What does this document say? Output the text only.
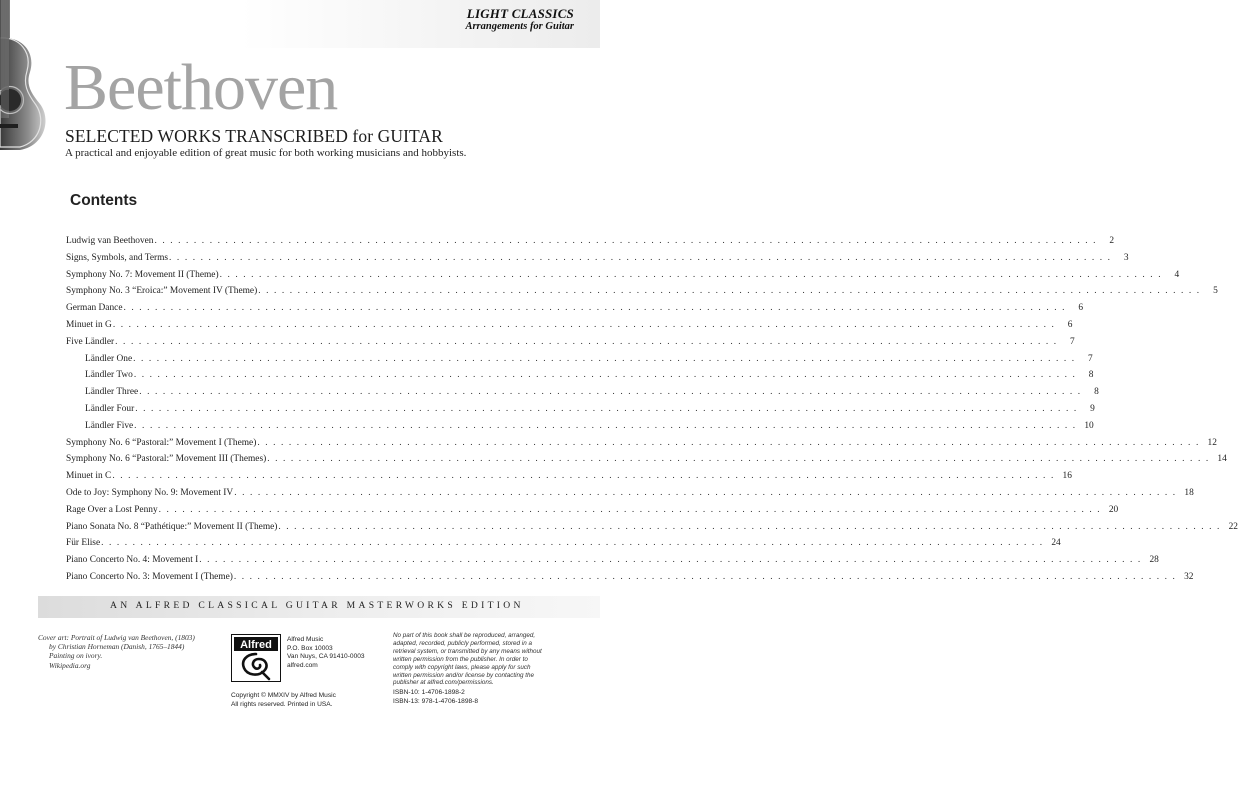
LIGHT CLASSICS
Arrangements for Guitar
Beethoven
SELECTED WORKS TRANSCRIBED for GUITAR
A practical and enjoyable edition of great music for both working musicians and hobbyists.
Contents
Ludwig van Beethoven . . . . . . . . . . . . . . . . . . . . . . . . . . . . . . . . . . . . . . . . . . . . . . . . . . . . . . . . . . . . . . . . . . . . . . . . . . . . . . . . . . . . . . . . . . . . . . . . . . . . . . . . . . . . . . . . . . . . . . . .	2
Signs, Symbols, and Terms . . . . . . . . . . . . . . . . . . . . . . . . . . . . . . . . . . . . . . . . . . . . . . . . . . . . . . . . . . . . . . . . . . . . . . . . . . . . . . . . . . . . . . . . . . . . . . . . . . . . . . . . . . . . . . . . . . . . . . . .	3
Symphony No. 7: Movement II (Theme) . . . . . . . . . . . . . . . . . . . . . . . . . . . . . . . . . . . . . . . . . . . . . . . . . . . . . . . . . . . . . . . . . . . . . . . . . . . . . . . . . . . . . . . . . . . . . . . . . . . . . . . . . . . . . . . . . . . . . . . .	4
Symphony No. 3 “Eroica:” Movement IV (Theme) . . . . . . . . . . . . . . . . . . . . . . . . . . . . . . . . . . . . . . . . . . . . . . . . . . . . . . . . . . . . . . . . . . . . . . . . . . . . . . . . . . . . . . . . . . . . . . . . . . . . . . . . . . . . . . . . . . . . . . . .	5
German Dance . . . . . . . . . . . . . . . . . . . . . . . . . . . . . . . . . . . . . . . . . . . . . . . . . . . . . . . . . . . . . . . . . . . . . . . . . . . . . . . . . . . . . . . . . . . . . . . . . . . . . . . . . . . . . . . . . . . . . . . .	6
Minuet in G . . . . . . . . . . . . . . . . . . . . . . . . . . . . . . . . . . . . . . . . . . . . . . . . . . . . . . . . . . . . . . . . . . . . . . . . . . . . . . . . . . . . . . . . . . . . . . . . . . . . . . . . . . . . . . . . . . . . . . . .	6
Five Ländler . . . . . . . . . . . . . . . . . . . . . . . . . . . . . . . . . . . . . . . . . . . . . . . . . . . . . . . . . . . . . . . . . . . . . . . . . . . . . . . . . . . . . . . . . . . . . . . . . . . . . . . . . . . . . . . . . . . . . . . .	7
Ländler One . . . . . . . . . . . . . . . . . . . . . . . . . . . . . . . . . . . . . . . . . . . . . . . . . . . . . . . . . . . . . . . . . . . . . . . . . . . . . . . . . . . . . . . . . . . . . . . . . . . . . . . . . . . . . . . . . . . . . . . .	7
Ländler Two . . . . . . . . . . . . . . . . . . . . . . . . . . . . . . . . . . . . . . . . . . . . . . . . . . . . . . . . . . . . . . . . . . . . . . . . . . . . . . . . . . . . . . . . . . . . . . . . . . . . . . . . . . . . . . . . . . . . . . . .	8
Ländler Three . . . . . . . . . . . . . . . . . . . . . . . . . . . . . . . . . . . . . . . . . . . . . . . . . . . . . . . . . . . . . . . . . . . . . . . . . . . . . . . . . . . . . . . . . . . . . . . . . . . . . . . . . . . . . . . . . . . . . . . .	8
Ländler Four . . . . . . . . . . . . . . . . . . . . . . . . . . . . . . . . . . . . . . . . . . . . . . . . . . . . . . . . . . . . . . . . . . . . . . . . . . . . . . . . . . . . . . . . . . . . . . . . . . . . . . . . . . . . . . . . . . . . . . . .	9
Ländler Five . . . . . . . . . . . . . . . . . . . . . . . . . . . . . . . . . . . . . . . . . . . . . . . . . . . . . . . . . . . . . . . . . . . . . . . . . . . . . . . . . . . . . . . . . . . . . . . . . . . . . . . . . . . . . . . . . . . . . . . . 10
Symphony No. 6 “Pastoral:” Movement I (Theme) . . . . . . . . . . . . . . . . . . . . . . . . . . . . . . . . . . . . . . . . . . . . . . . . . . . . . . . . . . . . . . . . . . . . . . . . . . . . . . . . . . . . . . . . . . . . . . . . . . . . . . . . . . . . . . . . . . . . . . . . 12
Symphony No. 6 “Pastoral:” Movement III (Themes) . . . . . . . . . . . . . . . . . . . . . . . . . . . . . . . . . . . . . . . . . . . . . . . . . . . . . . . . . . . . . . . . . . . . . . . . . . . . . . . . . . . . . . . . . . . . . . . . . . . . . . . . . . . . . . . . . . . . . . . . 14
Minuet in C . . . . . . . . . . . . . . . . . . . . . . . . . . . . . . . . . . . . . . . . . . . . . . . . . . . . . . . . . . . . . . . . . . . . . . . . . . . . . . . . . . . . . . . . . . . . . . . . . . . . . . . . . . . . . . . . . . . . . . . . 16
Ode to Joy: Symphony No. 9: Movement IV . . . . . . . . . . . . . . . . . . . . . . . . . . . . . . . . . . . . . . . . . . . . . . . . . . . . . . . . . . . . . . . . . . . . . . . . . . . . . . . . . . . . . . . . . . . . . . . . . . . . . . . . . . . . . . . . . . . . . . . . 18
Rage Over a Lost Penny . . . . . . . . . . . . . . . . . . . . . . . . . . . . . . . . . . . . . . . . . . . . . . . . . . . . . . . . . . . . . . . . . . . . . . . . . . . . . . . . . . . . . . . . . . . . . . . . . . . . . . . . . . . . . . . . . . . . . . . . 20
Piano Sonata No. 8 “Pathétique:” Movement II (Theme) . . . . . . . . . . . . . . . . . . . . . . . . . . . . . . . . . . . . . . . . . . . . . . . . . . . . . . . . . . . . . . . . . . . . . . . . . . . . . . . . . . . . . . . . . . . . . . . . . . . . . . . . . . . . . . . . . . . . . . . . 22
Für Elise . . . . . . . . . . . . . . . . . . . . . . . . . . . . . . . . . . . . . . . . . . . . . . . . . . . . . . . . . . . . . . . . . . . . . . . . . . . . . . . . . . . . . . . . . . . . . . . . . . . . . . . . . . . . . . . . . . . . . . . . 24
Piano Concerto No. 4: Movement I . . . . . . . . . . . . . . . . . . . . . . . . . . . . . . . . . . . . . . . . . . . . . . . . . . . . . . . . . . . . . . . . . . . . . . . . . . . . . . . . . . . . . . . . . . . . . . . . . . . . . . . . . . . . . . . . . . . . . . . . 28
Piano Concerto No. 3: Movement I (Theme) . . . . . . . . . . . . . . . . . . . . . . . . . . . . . . . . . . . . . . . . . . . . . . . . . . . . . . . . . . . . . . . . . . . . . . . . . . . . . . . . . . . . . . . . . . . . . . . . . . . . . . . . . . . . . . . . . . . . . . . . 32
AN ALFRED CLASSICAL GUITAR MASTERWORKS EDITION
Cover art: Portrait of Ludwig van Beethoven, (1803)
by Christian Horneman (Danish, 1765–1844)
Painting on ivory.
Wikipedia.org
Alfred Alfred Music
P.O. Box 10003
Van Nuys, CA 91410-0003
alfred.com
Copyright © MMXIV by Alfred Music
All rights reserved. Printed in USA.
No part of this book shall be reproduced, arranged,
adapted, recorded, publicly performed, stored in a
retrieval system, or transmitted by any means without
written permission from the publisher. In order to
comply with copyright laws, please apply for such
written permission and/or license by contacting the
publisher at alfred.com/permissions.
ISBN-10: 1-4706-1898-2
ISBN-13: 978-1-4706-1898-8
